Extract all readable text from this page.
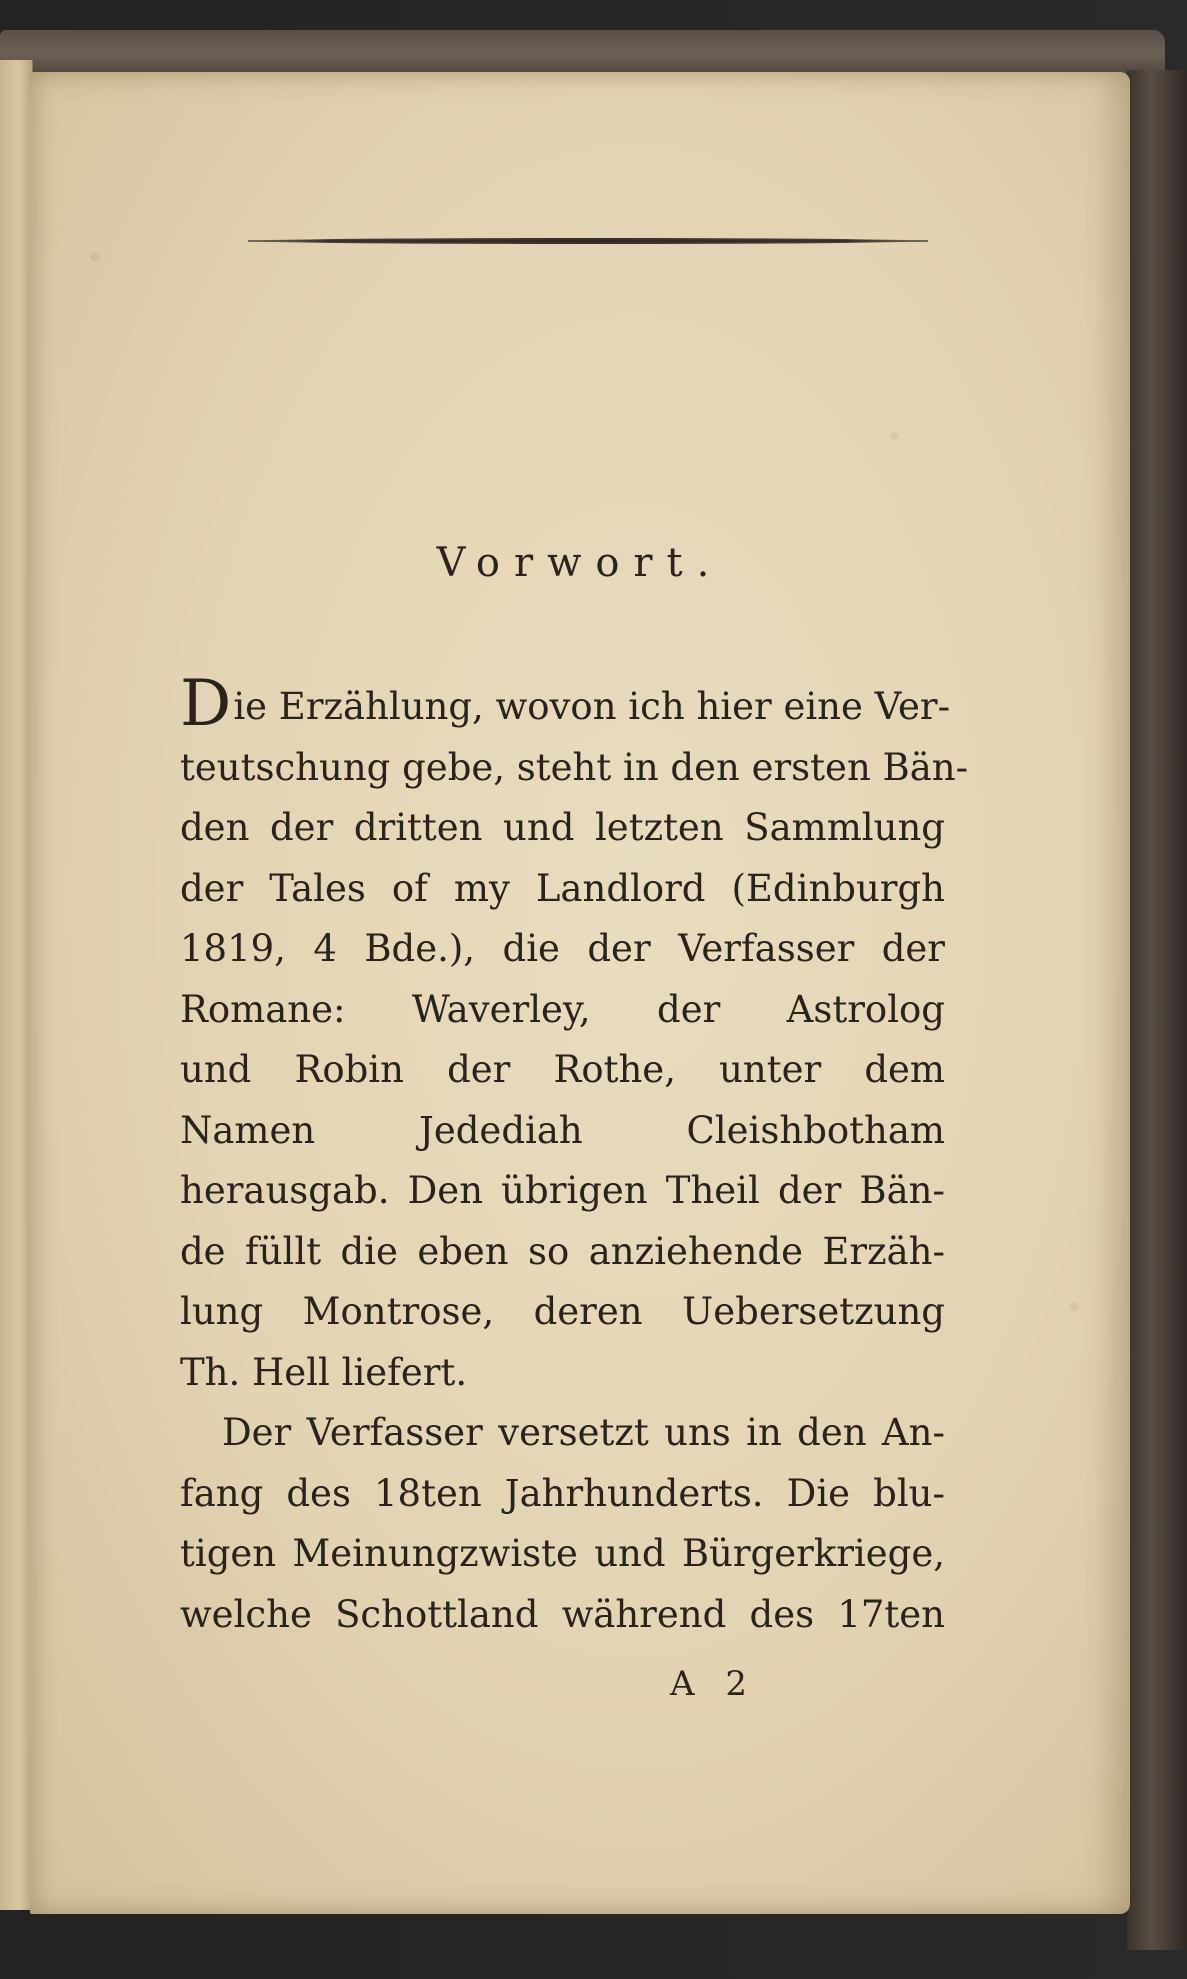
Vorwort.
Die Erzählung, wovon ich hier eine Ver-
teutschung gebe, steht in den ersten Bän-
den der dritten und letzten Sammlung
der Tales of my Landlord (Edinburgh
1819, 4 Bde.), die der Verfasser der
Romane: Waverley, der Astrolog
und Robin der Rothe, unter dem
Namen Jedediah Cleishbotham
herausgab. Den übrigen Theil der Bän-
de füllt die eben so anziehende Erzäh-
lung Montrose, deren Uebersetzung
Th. Hell liefert.
Der Verfasser versetzt uns in den An-
fang des 18ten Jahrhunderts. Die blu-
tigen Meinungzwiste und Bürgerkriege,
welche Schottland während des 17ten
A 2
